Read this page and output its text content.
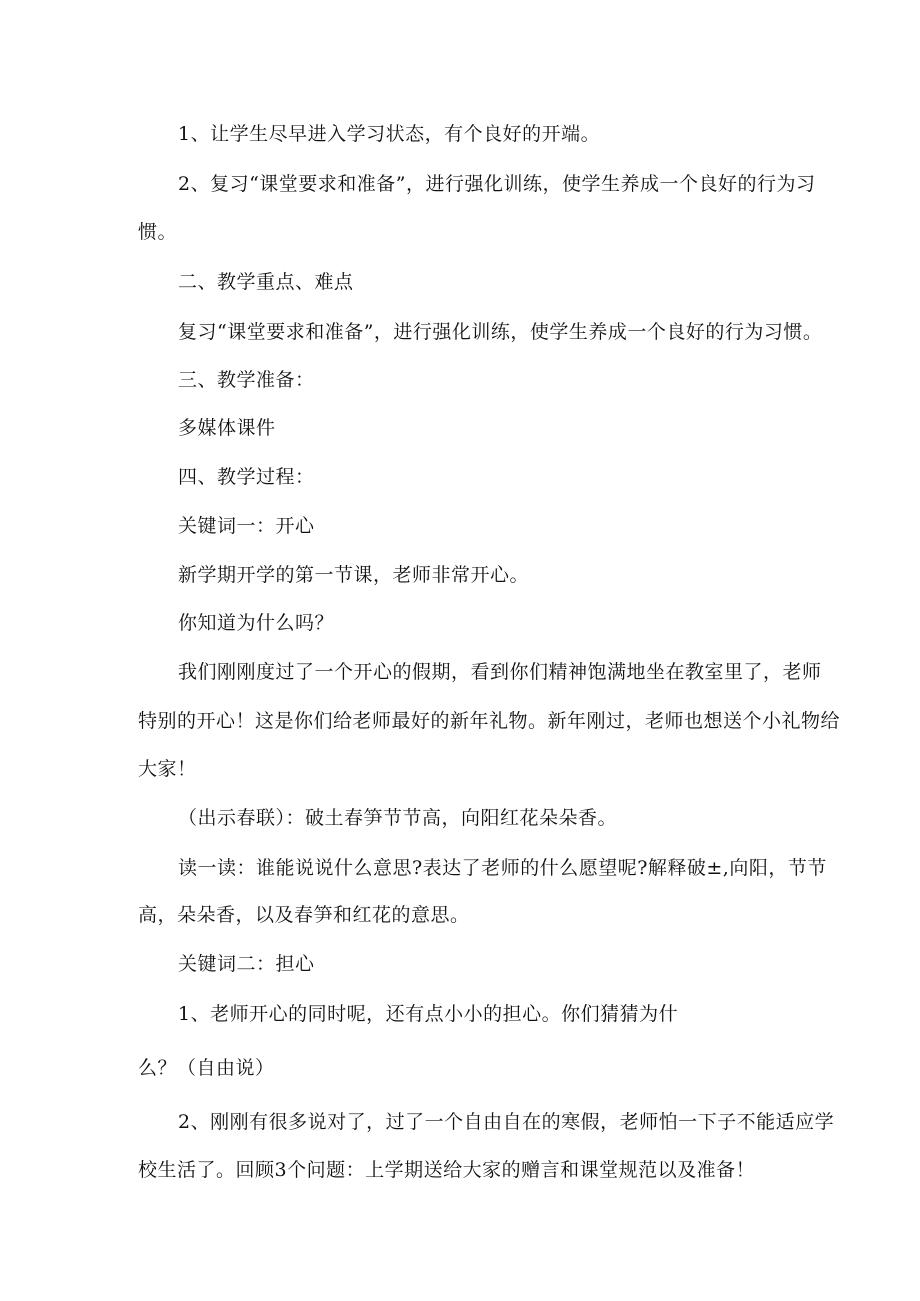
1、让学生尽早进入学习状态，有个良好的开端。
2、复习“课堂要求和准备”，进行强化训练，使学生养成一个良好的行为习
惯。
二、教学重点、难点
复习“课堂要求和准备”，进行强化训练，使学生养成一个良好的行为习惯。
三、教学准备：
多媒体课件
四、教学过程：
关键词一：开心
新学期开学的第一节课，老师非常开心。
你知道为什么吗？
我们刚刚度过了一个开心的假期，看到你们精神饱满地坐在教室里了，老师
特别的开心！这是你们给老师最好的新年礼物。新年刚过，老师也想送个小礼物给
大家！
（出示春联）：破土春笋节节高，向阳红花朵朵香。
读一读：谁能说说什么意思?表达了老师的什么愿望呢?解释破±,向阳，节节
高，朵朵香，以及春笋和红花的意思。
关键词二：担心
1、老师开心的同时呢，还有点小小的担心。你们猜猜为什
么？（自由说）
2、刚刚有很多说对了，过了一个自由自在的寒假，老师怕一下子不能适应学
校生活了。回顾3个问题：上学期送给大家的赠言和课堂规范以及准备！
